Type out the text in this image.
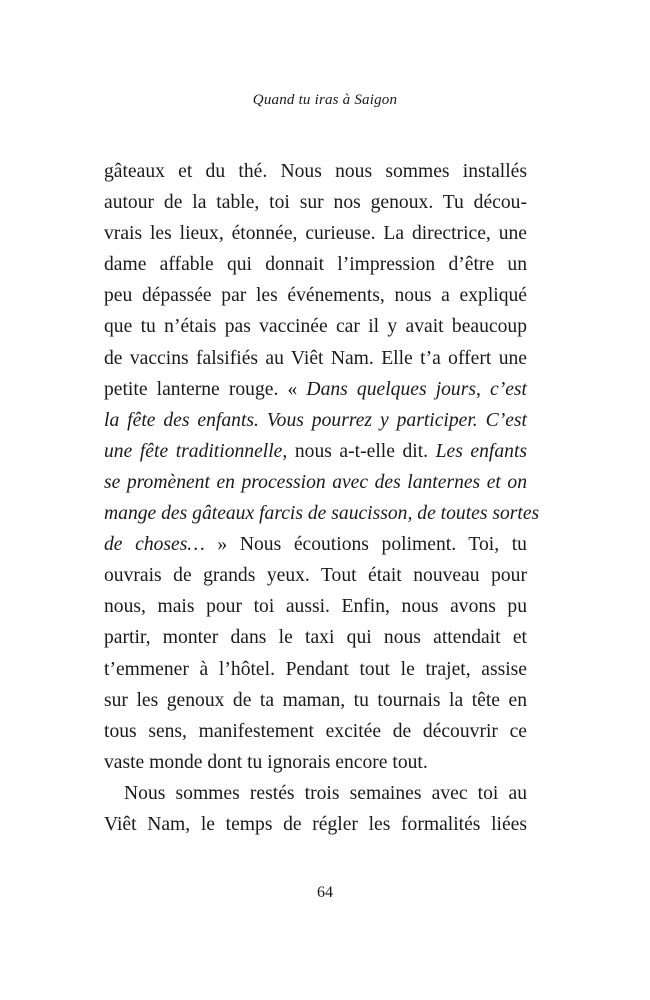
Quand tu iras à Saigon
gâteaux et du thé. Nous nous sommes installés
autour de la table, toi sur nos genoux. Tu décou-
vrais les lieux, étonnée, curieuse. La directrice, une
dame affable qui donnait l’impression d’être un
peu dépassée par les événements, nous a expliqué
que tu n’étais pas vaccinée car il y avait beaucoup
de vaccins falsifiés au Viêt Nam. Elle t’a offert une
petite lanterne rouge. « Dans quelques jours, c’est
la fête des enfants. Vous pourrez y participer. C’est
une fête traditionnelle, nous a-t-elle dit. Les enfants
se promènent en procession avec des lanternes et on
mange des gâteaux farcis de saucisson, de toutes sortes
de choses… » Nous écoutions poliment. Toi, tu
ouvrais de grands yeux. Tout était nouveau pour
nous, mais pour toi aussi. Enfin, nous avons pu
partir, monter dans le taxi qui nous attendait et
t’emmener à l’hôtel. Pendant tout le trajet, assise
sur les genoux de ta maman, tu tournais la tête en
tous sens, manifestement excitée de découvrir ce
vaste monde dont tu ignorais encore tout.
Nous sommes restés trois semaines avec toi au
Viêt Nam, le temps de régler les formalités liées
64
